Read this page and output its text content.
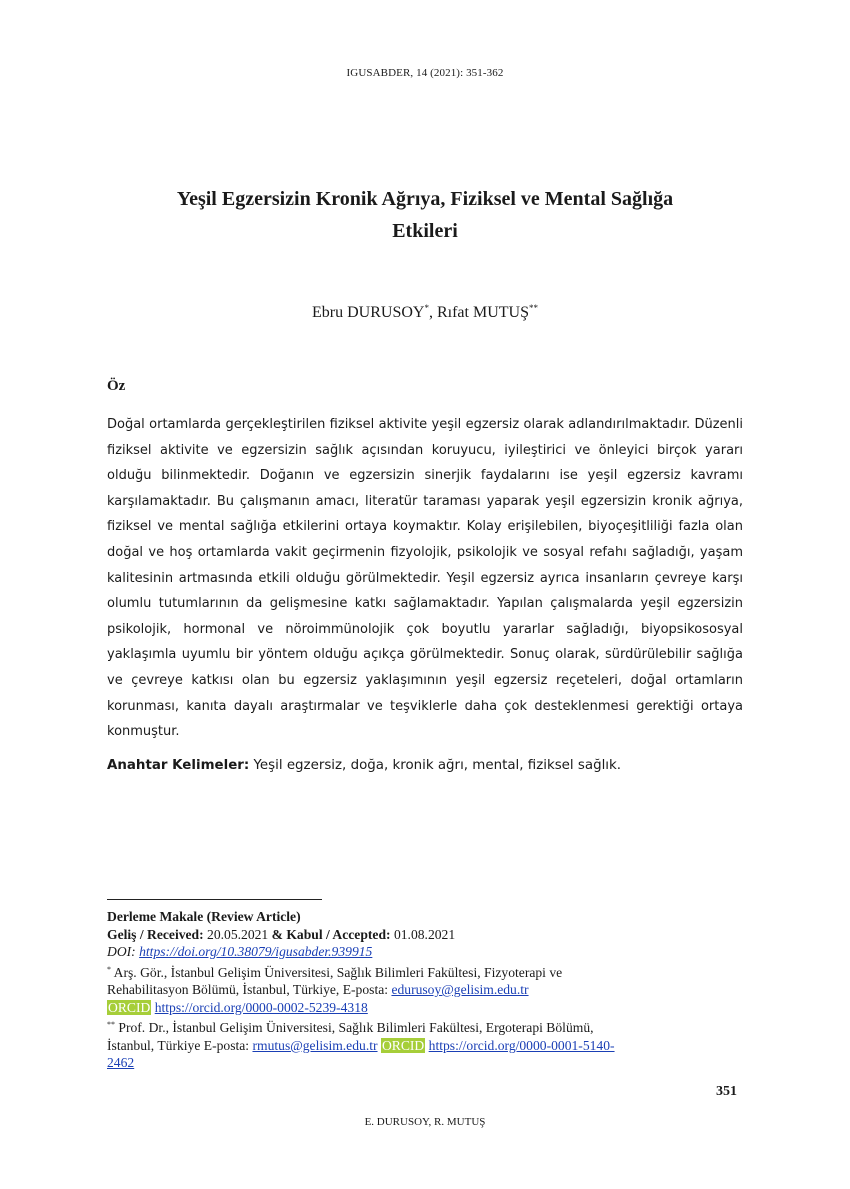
IGUSABDER, 14 (2021): 351-362
Yeşil Egzersizin Kronik Ağrıya, Fiziksel ve Mental Sağlığa
Etkileri
Ebru DURUSOY*, Rıfat MUTUŞ**
Öz

Doğal ortamlarda gerçekleştirilen fiziksel aktivite yeşil egzersiz olarak adlandırılmaktadır. Düzenli fiziksel aktivite ve egzersizin sağlık açısından koruyucu, iyileştirici ve önleyici birçok yararı olduğu bilinmektedir. Doğanın ve egzersizin sinerjik faydalarını ise yeşil egzersiz kavramı karşılamaktadır. Bu çalışmanın amacı, literatür taraması yaparak yeşil egzersizin kronik ağrıya, fiziksel ve mental sağlığa etkilerini ortaya koymaktır. Kolay erişilebilen, biyoçeşitliliği fazla olan doğal ve hoş ortamlarda vakit geçirmenin fizyolojik, psikolojik ve sosyal refahı sağladığı, yaşam kalitesinin artmasında etkili olduğu görülmektedir. Yeşil egzersiz ayrıca insanların çevreye karşı olumlu tutumlarının da gelişmesine katkı sağlamaktadır. Yapılan çalışmalarda yeşil egzersizin psikolojik, hormonal ve nöroimmünolojik çok boyutlu yararlar sağladığı, biyopsikososyal yaklaşımla uyumlu bir yöntem olduğu açıkça görülmektedir. Sonuç olarak, sürdürülebilir sağlığa ve çevreye katkısı olan bu egzersiz yaklaşımının yeşil egzersiz reçeteleri, doğal ortamların korunması, kanıta dayalı araştırmalar ve teşviklerle daha çok desteklenmesi gerektiği ortaya konmuştur.

Anahtar Kelimeler: Yeşil egzersiz, doğa, kronik ağrı, mental, fiziksel sağlık.
Derleme Makale (Review Article)
Geliş / Received: 20.05.2021 & Kabul / Accepted: 01.08.2021
DOI: https://doi.org/10.38079/igusabder.939915
* Arş. Gör., İstanbul Gelişim Üniversitesi, Sağlık Bilimleri Fakültesi, Fizyoterapi ve
Rehabilitasyon Bölümü, İstanbul, Türkiye, E-posta: edurusoy@gelisim.edu.tr
ORCID https://orcid.org/0000-0002-5239-4318
** Prof. Dr., İstanbul Gelişim Üniversitesi, Sağlık Bilimleri Fakültesi, Ergoterapi Bölümü,
İstanbul, Türkiye E-posta: rmutus@gelisim.edu.tr ORCID https://orcid.org/0000-0001-5140-
2462
351
E. DURUSOY, R. MUTUŞ
